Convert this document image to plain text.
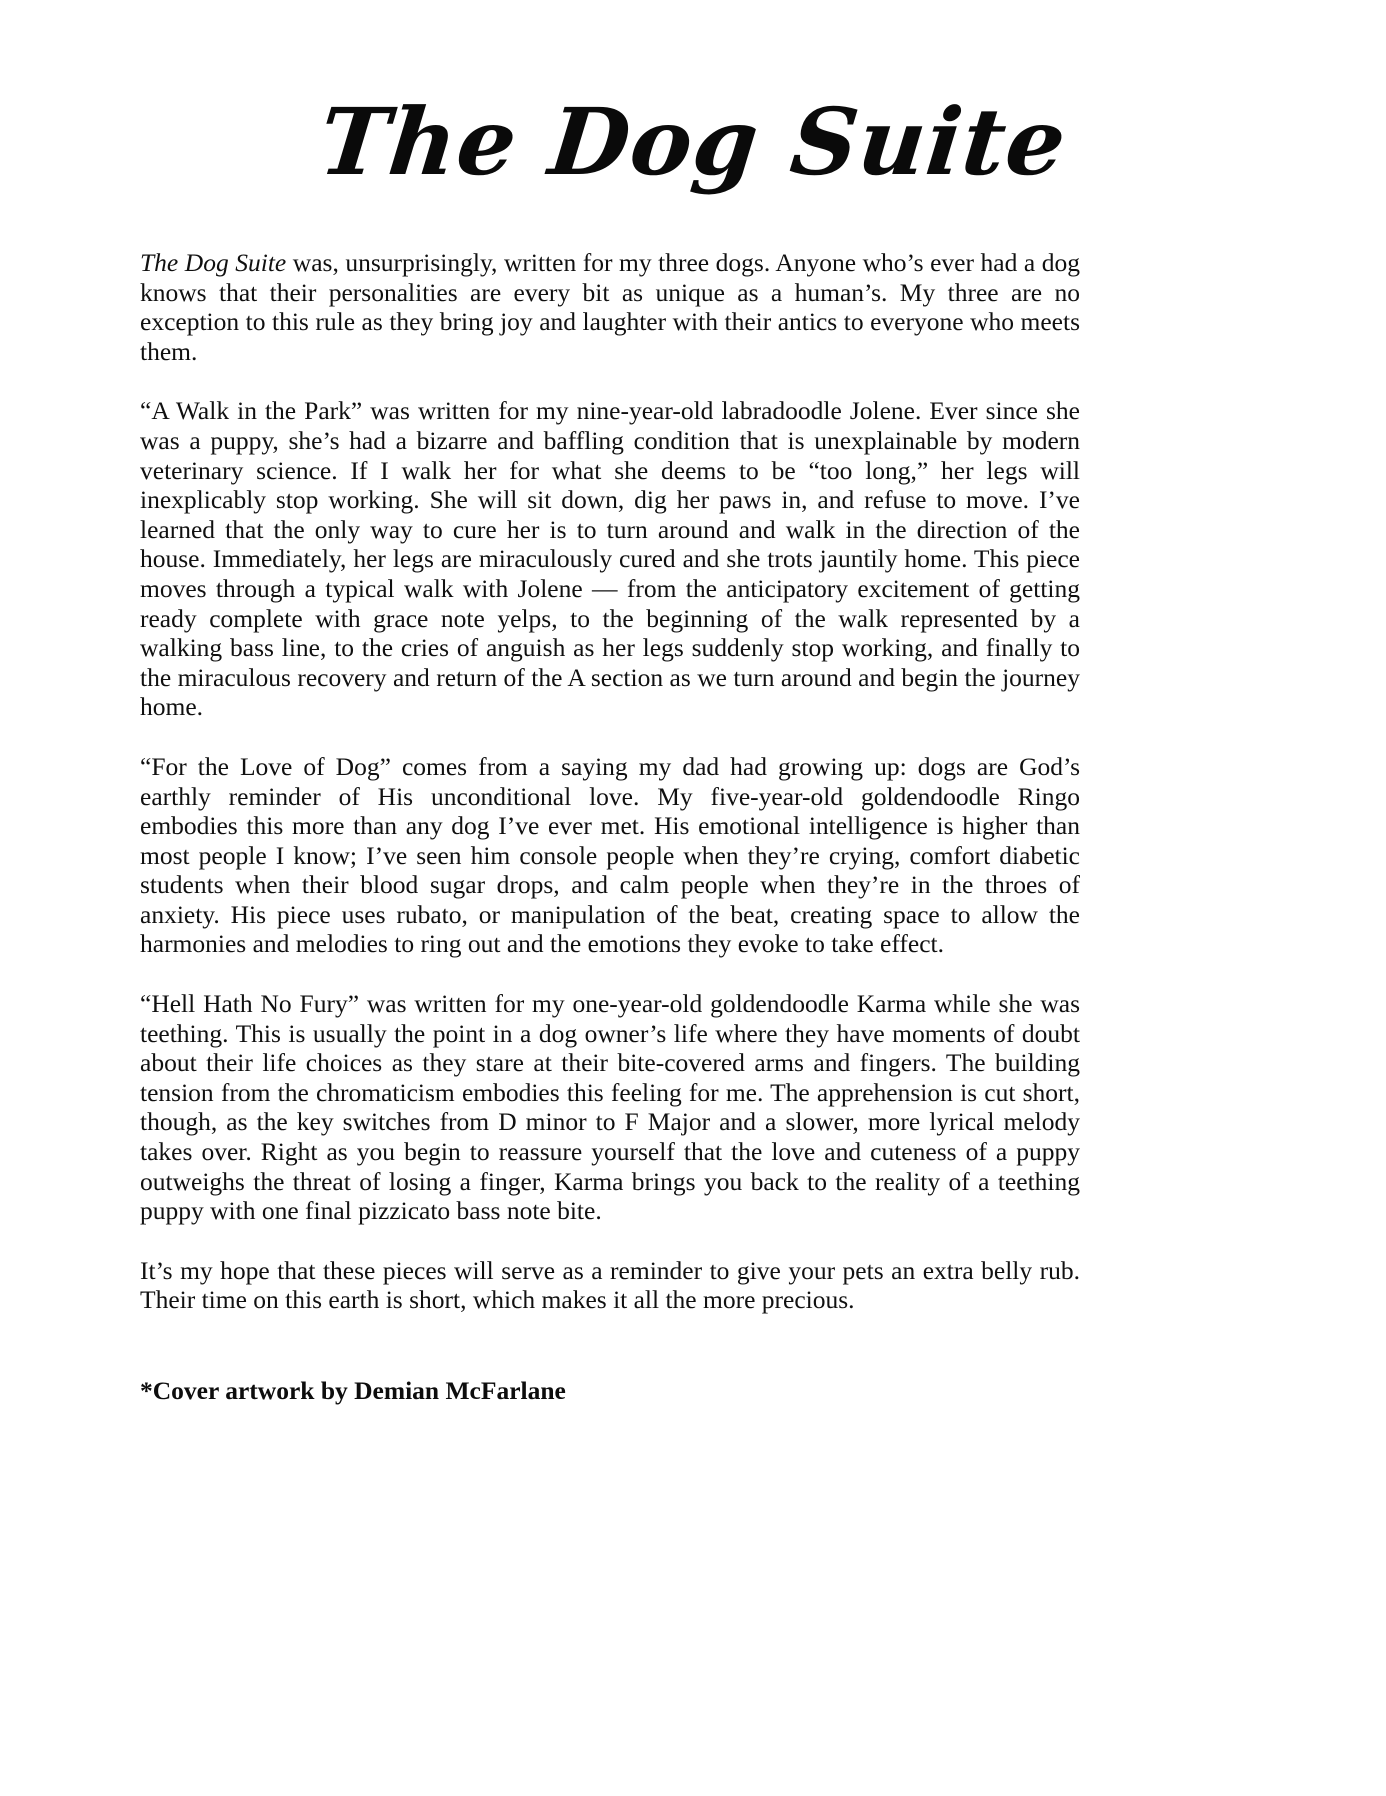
The Dog Suite

The Dog Suite was, unsurprisingly, written for my three dogs. Anyone who’s ever had a dog knows that their personalities are every bit as unique as a human’s. My three are no exception to this rule as they bring joy and laughter with their antics to everyone who meets them.

“A Walk in the Park” was written for my nine-year-old labradoodle Jolene. Ever since she was a puppy, she’s had a bizarre and baffling condition that is unexplainable by modern veterinary science. If I walk her for what she deems to be “too long,” her legs will inexplicably stop working. She will sit down, dig her paws in, and refuse to move. I’ve learned that the only way to cure her is to turn around and walk in the direction of the house. Immediately, her legs are miraculously cured and she trots jauntily home. This piece moves through a typical walk with Jolene — from the anticipatory excitement of getting ready complete with grace note yelps, to the beginning of the walk represented by a walking bass line, to the cries of anguish as her legs suddenly stop working, and finally to the miraculous recovery and return of the A section as we turn around and begin the journey home.

“For the Love of Dog” comes from a saying my dad had growing up: dogs are God’s earthly reminder of His unconditional love. My five-year-old goldendoodle Ringo embodies this more than any dog I’ve ever met. His emotional intelligence is higher than most people I know; I’ve seen him console people when they’re crying, comfort diabetic students when their blood sugar drops, and calm people when they’re in the throes of anxiety. His piece uses rubato, or manipulation of the beat, creating space to allow the harmonies and melodies to ring out and the emotions they evoke to take effect.

“Hell Hath No Fury” was written for my one-year-old goldendoodle Karma while she was teething. This is usually the point in a dog owner’s life where they have moments of doubt about their life choices as they stare at their bite-covered arms and fingers. The building tension from the chromaticism embodies this feeling for me. The apprehension is cut short, though, as the key switches from D minor to F Major and a slower, more lyrical melody takes over. Right as you begin to reassure yourself that the love and cuteness of a puppy outweighs the threat of losing a finger, Karma brings you back to the reality of a teething puppy with one final pizzicato bass note bite.

It’s my hope that these pieces will serve as a reminder to give your pets an extra belly rub. Their time on this earth is short, which makes it all the more precious.

*Cover artwork by Demian McFarlane
